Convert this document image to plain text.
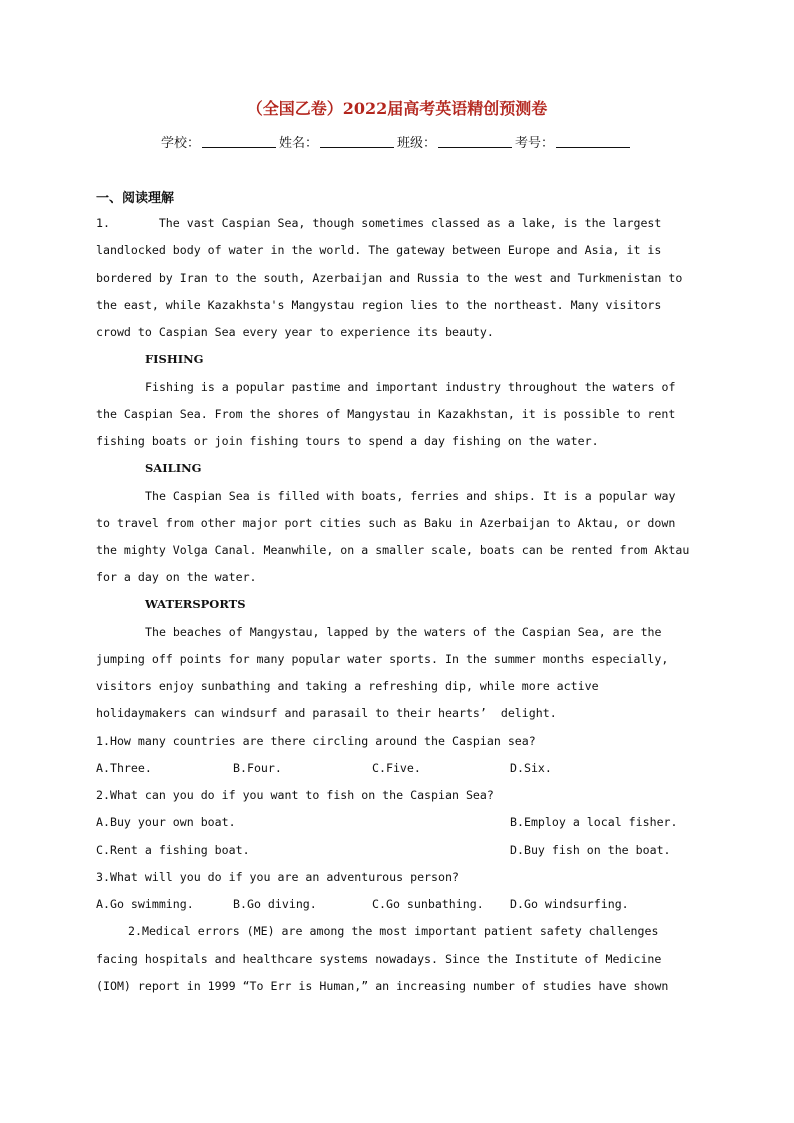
（全国乙卷）2022届高考英语精创预测卷
学校：	姓名：	班级：	考号：
一、阅读理解
1.       The vast Caspian Sea, though sometimes classed as a lake, is the largest
landlocked body of water in the world. The gateway between Europe and Asia, it is
bordered by Iran to the south, Azerbaijan and Russia to the west and Turkmenistan to
the east, while Kazakhsta's Mangystau region lies to the northeast. Many visitors
crowd to Caspian Sea every year to experience its beauty.
FISHING
Fishing is a popular pastime and important industry throughout the waters of
the Caspian Sea. From the shores of Mangystau in Kazakhstan, it is possible to rent
fishing boats or join fishing tours to spend a day fishing on the water.
SAILING
The Caspian Sea is filled with boats, ferries and ships. It is a popular way
to travel from other major port cities such as Baku in Azerbaijan to Aktau, or down
the mighty Volga Canal. Meanwhile, on a smaller scale, boats can be rented from Aktau
for a day on the water.
WATERSPORTS
The beaches of Mangystau, lapped by the waters of the Caspian Sea, are the
jumping off points for many popular water sports. In the summer months especially,
visitors enjoy sunbathing and taking a refreshing dip, while more active
holidaymakers can windsurf and parasail to their hearts’  delight.
1.How many countries are there circling around the Caspian sea?
A.Three.	B.Four.	C.Five.	D.Six.
2.What can you do if you want to fish on the Caspian Sea?
A.Buy your own boat.	B.Employ a local fisher.
C.Rent a fishing boat.	D.Buy fish on the boat.
3.What will you do if you are an adventurous person?
A.Go swimming.	B.Go diving.	C.Go sunbathing. D.Go windsurfing.
2.Medical errors (ME) are among the most important patient safety challenges
facing hospitals and healthcare systems nowadays. Since the Institute of Medicine
(IOM) report in 1999 “To Err is Human,” an increasing number of studies have shown
